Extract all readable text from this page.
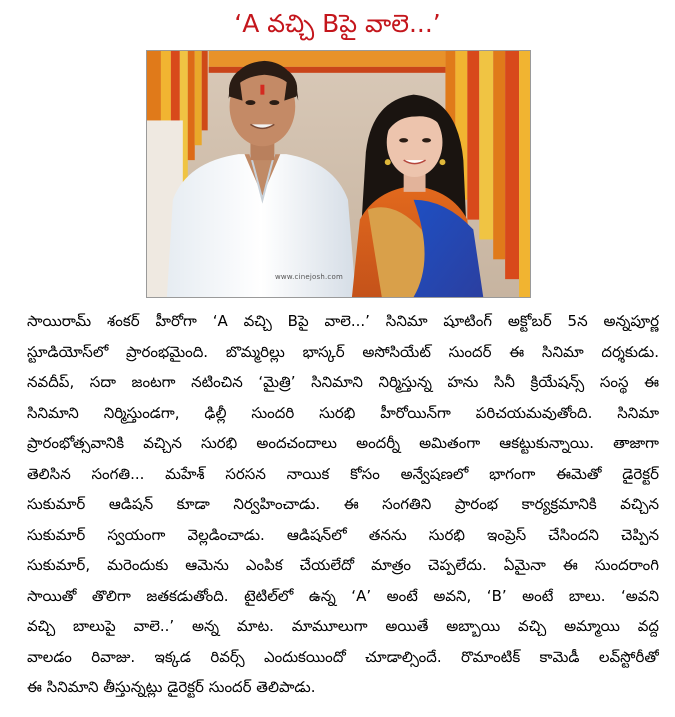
‘A వచ్చి Bపై వాలె...’
www.cinejosh.com
సాయిరామ్ శంకర్ హీరోగా ‘A వచ్చి Bపై వాలె...’ సినిమా షూటింగ్ అక్టోబర్ 5న అన్నపూర్ణ
స్టూడియోస్‌లో ప్రారంభమైంది. బొమ్మరిల్లు భాస్కర్ అసోసియేట్ సుందర్ ఈ సినిమా దర్శకుడు.
నవదీప్, సదా జంటగా నటించిన ‘మైత్రి’ సినిమాని నిర్మిస్తున్న హను సినీ క్రియేషన్స్ సంస్థ ఈ
సినిమాని నిర్మిస్తుండగా, ఢిల్లీ సుందరి సురభి హీరోయిన్‌గా పరిచయమవుతోంది. సినిమా
ప్రారంభోత్సవానికి వచ్చిన సురభి అందచందాలు అందర్నీ అమితంగా ఆకట్టుకున్నాయి. తాజాగా
తెలిసిన సంగతి... మహేశ్ సరసన నాయిక కోసం అన్వేషణలో భాగంగా ఈమెతో డైరెక్టర్
సుకుమార్ ఆడిషన్ కూడా నిర్వహించాడు. ఈ సంగతిని ప్రారంభ కార్యక్రమానికి వచ్చిన
సుకుమార్ స్వయంగా వెల్లడించాడు. ఆడిషన్‌లో తనను సురభి ఇంప్రెస్ చేసిందని చెప్పిన
సుకుమార్, మరెందుకు ఆమెను ఎంపిక చేయలేదో మాత్రం చెప్పలేదు. ఏమైనా ఈ సుందరాంగి
సాయితో తొలిగా జతకడుతోంది. టైటిల్‌లో ఉన్న ‘A’ అంటే అవని, ‘B’ అంటే బాలు. ‘అవని
వచ్చి బాలుపై వాలె..’ అన్న మాట. మామూలుగా అయితే అబ్బాయి వచ్చి అమ్మాయి వద్ద
వాలడం రివాజు. ఇక్కడ రివర్స్ ఎందుకయిందో చూడాల్సిందే. రొమాంటిక్ కామెడీ లవ్‌స్టోరీతో
ఈ సినిమాని తీస్తున్నట్లు డైరెక్టర్ సుందర్ తెలిపాడు.
